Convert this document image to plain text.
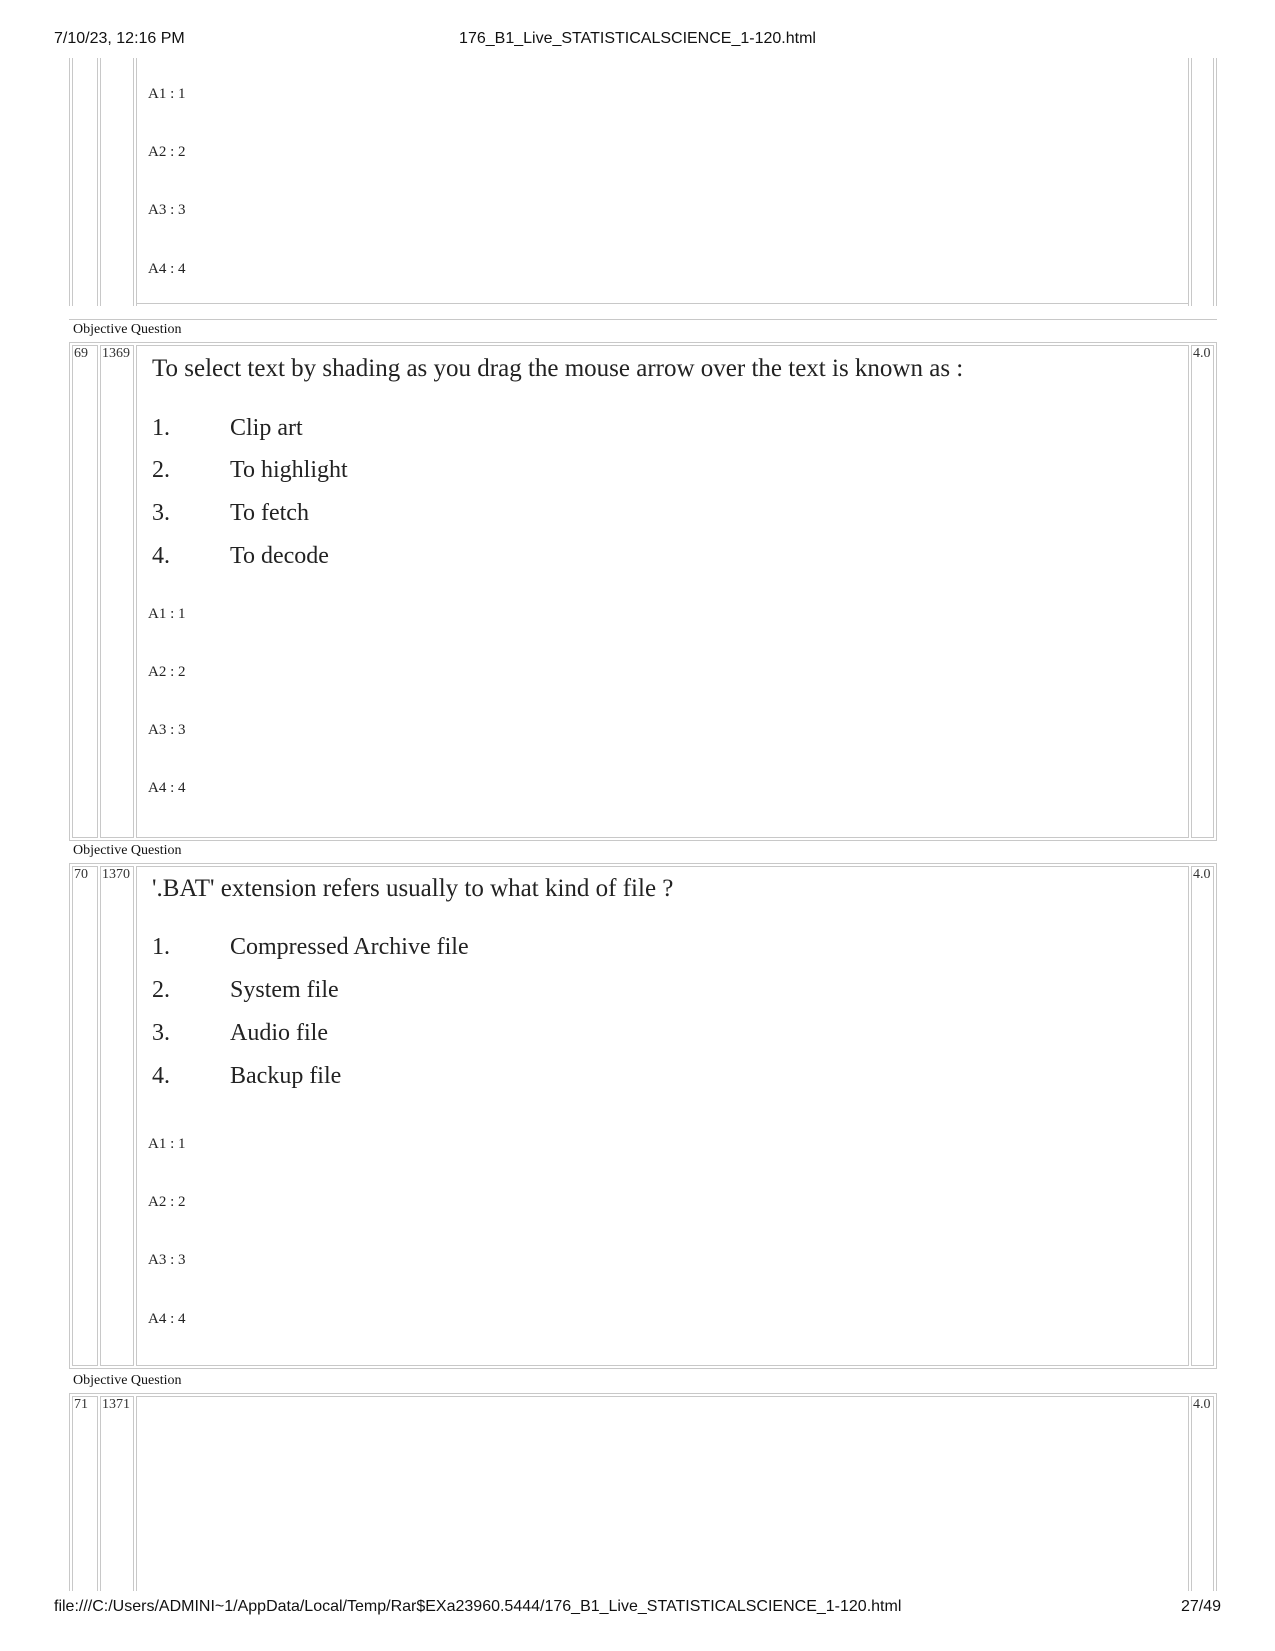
7/10/23, 12:16 PM	176_B1_Live_STATISTICALSCIENCE_1-120.html
A1 : 1
A2 : 2
A3 : 3
A4 : 4
Objective Question
69 1369	4.0
To select text by shading as you drag the mouse arrow over the text is known as :
1.	Clip art
2.	To highlight
3.	To fetch
4.	To decode
A1 : 1
A2 : 2
A3 : 3
A4 : 4
Objective Question
70 1370	4.0
'.BAT' extension refers usually to what kind of file ?
1.	Compressed Archive file
2.	System file
3.	Audio file
4.	Backup file
A1 : 1
A2 : 2
A3 : 3
A4 : 4
Objective Question
71 1371	4.0
file:///C:/Users/ADMINI~1/AppData/Local/Temp/Rar$EXa23960.5444/176_B1_Live_STATISTICALSCIENCE_1-120.html	27/49
